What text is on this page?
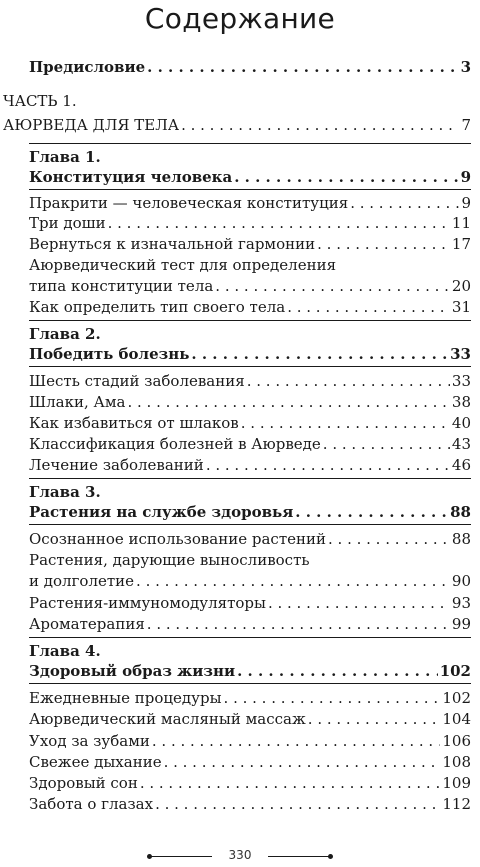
Содержание
Предисловие . . .	3
ЧАСТЬ 1.
АЮРВЕДА ДЛЯ ТЕЛА . . .	7
Глава 1.
Конституция человека . . .	9
Пракрити — человеческая конституция . . .	9
Три доши . . .	11
Вернуться к изначальной гармонии . . .	17
Аюрведический тест для определения
типа конституции тела . . .	20
Как определить тип своего тела . . .	31
Глава 2.
Победить болезнь . . .	33
Шесть стадий заболевания . . .	33
Шлаки, Ама . . .	38
Как избавиться от шлаков . . .	40
Классификация болезней в Аюрведе . . .	43
Лечение заболеваний . . .	46
Глава 3.
Растения на службе здоровья . . .	88
Осознанное использование растений . . .	88
Растения, дарующие выносливость
и долголетие . . .	90
Растения-иммуномодуляторы . . .	93
Ароматерапия . . .	99
Глава 4.
Здоровый образ жизни . . .	102
Ежедневные процедуры . . .	102
Аюрведический масляный массаж . . .	104
Уход за зубами . . .	106
Свежее дыхание . . .	108
Здоровый сон . . .	109
Забота о глазах . . .	112
330
